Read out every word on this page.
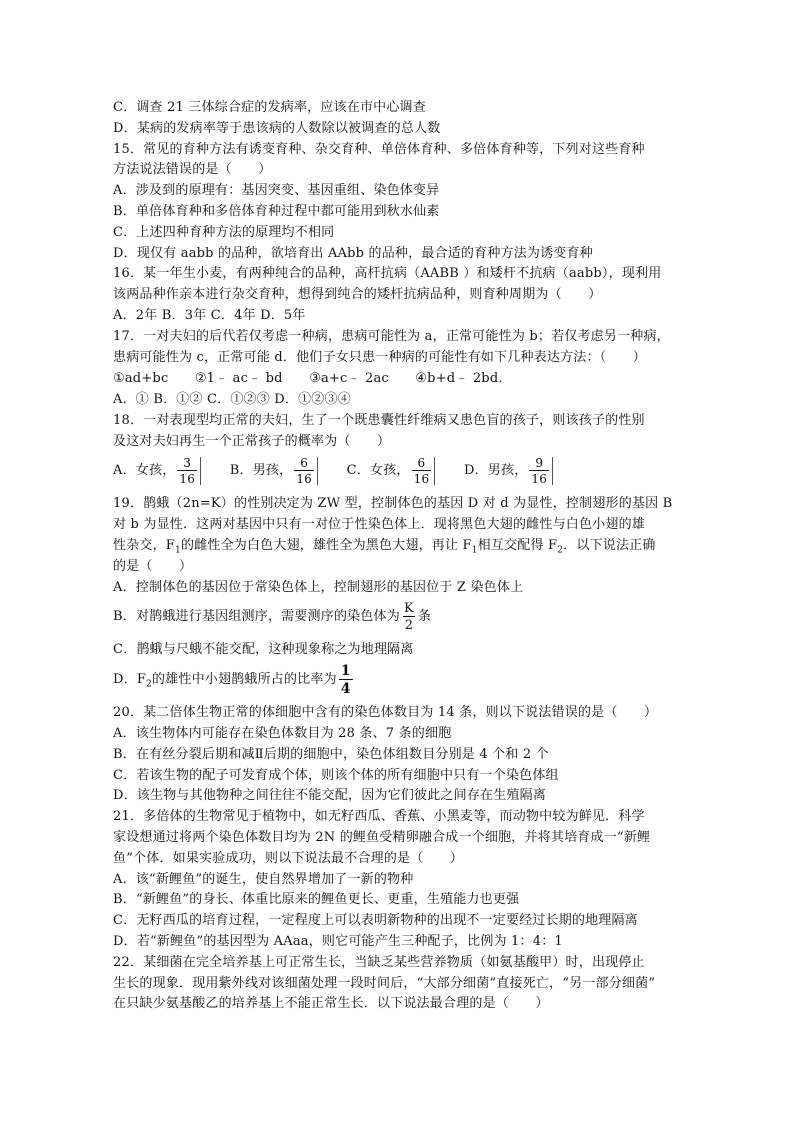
C．调查 21 三体综合症的发病率，应该在市中心调查
D．某病的发病率等于患该病的人数除以被调查的总人数
15．常见的育种方法有诱变育种、杂交育种、单倍体育种、多倍体育种等，下列对这些育种
方法说法错误的是（　　）
A．涉及到的原理有：基因突变、基因重组、染色体变异
B．单倍体育种和多倍体育种过程中都可能用到秋水仙素
C．上述四种育种方法的原理均不相同
D．现仅有 aabb 的品种，欲培育出 AAbb 的品种，最合适的育种方法为诱变育种
16．某一年生小麦，有两种纯合的品种，高杆抗病（AABB ）和矮杆不抗病（aabb），现利用
该两品种作亲本进行杂交育种，想得到纯合的矮杆抗病品种，则育种周期为（　　）
A．2年 B．3年 C．4年 D．5年
17．一对夫妇的后代若仅考虑一种病，患病可能性为 a，正常可能性为 b；若仅考虑另一种病，
患病可能性为 c，正常可能 d．他们子女只患一种病的可能性有如下几种表达方法：（　　）
①ad+bc　　②1﹣ ac﹣ bd　　③a+c﹣ 2ac　　④b+d﹣ 2bd．
A．① B．①② C．①②③ D．①②③④
18．一对表现型均正常的夫妇，生了一个既患囊性纤维病又患色盲的孩子，则该孩子的性别
及这对夫妇再生一个正常孩子的概率为（　　）
A．女孩， $\frac{3}{16}$ B．男孩， $\frac{6}{16}$ C．女孩， $\frac{6}{16}$ D．男孩， $\frac{9}{16}$
19．鹊蛾（2n=K）的性别决定为 ZW 型，控制体色的基因 D 对 d 为显性，控制翅形的基因 B
对 b 为显性．这两对基因中只有一对位于性染色体上．现将黑色大翅的雌性与白色小翅的雄
性杂交，$F_1$的雌性全为白色大翅，雄性全为黑色大翅，再让 $F_1$相互交配得 $F_2$．以下说法正确
的是（　　）
A．控制体色的基因位于常染色体上，控制翅形的基因位于 Z 染色体上
B．对鹊蛾进行基因组测序，需要测序的染色体为 $\frac{K}{2}$ 条
C．鹊蛾与尺蛾不能交配，这种现象称之为地理隔离
D．$F_2$的雄性中小翅鹊蛾所占的比率为 $\frac{1}{4}$
20．某二倍体生物正常的体细胞中含有的染色体数目为 14 条，则以下说法错误的是（　　）
A．该生物体内可能存在染色体数目为 28 条、7 条的细胞
B．在有丝分裂后期和减Ⅱ后期的细胞中，染色体组数目分别是 4 个和 2 个
C．若该生物的配子可发育成个体，则该个体的所有细胞中只有一个染色体组
D．该生物与其他物种之间往往不能交配，因为它们彼此之间存在生殖隔离
21．多倍体的生物常见于植物中，如无籽西瓜、香蕉、小黑麦等，而动物中较为鲜见．科学
家设想通过将两个染色体数目均为 2N 的鲤鱼受精卵融合成一个细胞，并将其培育成一“新鲤
鱼”个体．如果实验成功，则以下说法最不合理的是（　　）
A．该“新鲤鱼”的诞生，使自然界增加了一新的物种
B．“新鲤鱼”的身长、体重比原来的鲤鱼更长、更重，生殖能力也更强
C．无籽西瓜的培育过程，一定程度上可以表明新物种的出现不一定要经过长期的地理隔离
D．若“新鲤鱼”的基因型为 AAaa，则它可能产生三种配子，比例为 1：4：1
22．某细菌在完全培养基上可正常生长，当缺乏某些营养物质（如氨基酸甲）时，出现停止
生长的现象．现用紫外线对该细菌处理一段时间后，“大部分细菌”直接死亡，“另一部分细菌”
在只缺少氨基酸乙的培养基上不能正常生长．以下说法最合理的是（　　）
